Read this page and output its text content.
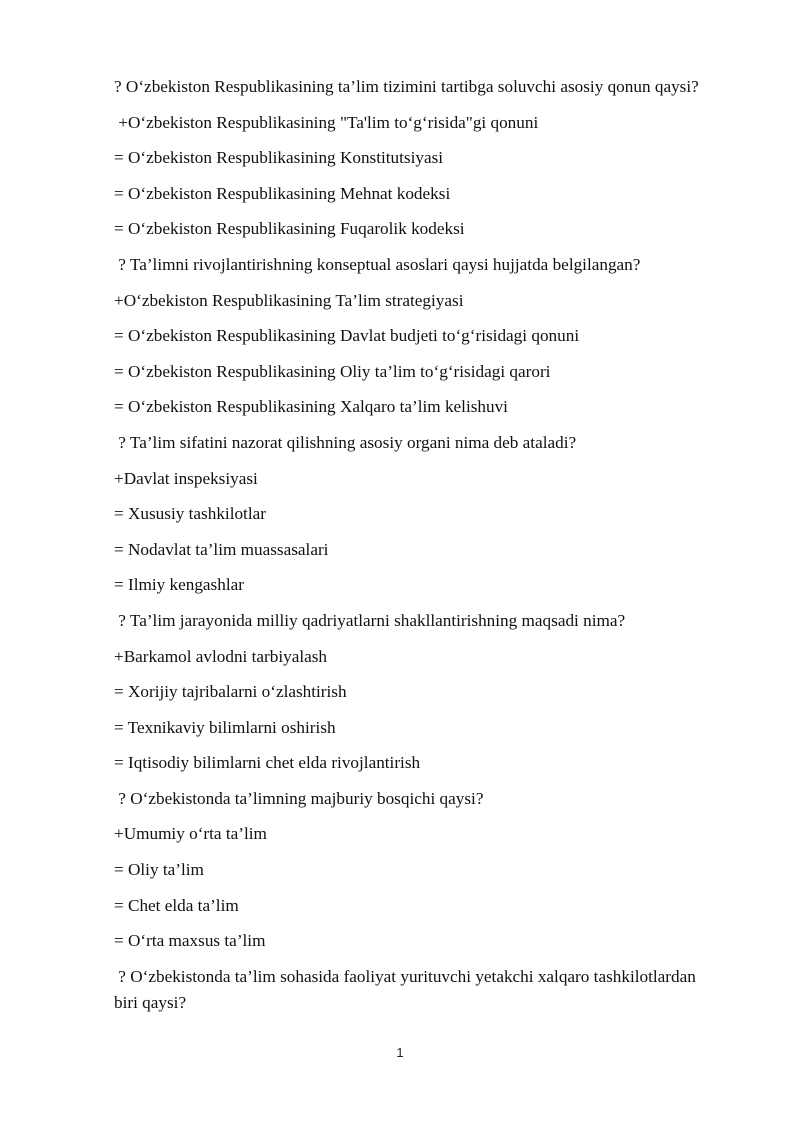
? O‘zbekiston Respublikasining ta’lim tizimini tartibga soluvchi asosiy qonun qaysi?

+O‘zbekiston Respublikasining "Ta'lim to‘g‘risida"gi qonuni

= O‘zbekiston Respublikasining Konstitutsiyasi

= O‘zbekiston Respublikasining Mehnat kodeksi

= O‘zbekiston Respublikasining Fuqarolik kodeksi

? Ta’limni rivojlantirishning konseptual asoslari qaysi hujjatda belgilangan?

+O‘zbekiston Respublikasining Ta’lim strategiyasi

= O‘zbekiston Respublikasining Davlat budjeti to‘g‘risidagi qonuni

= O‘zbekiston Respublikasining Oliy ta’lim to‘g‘risidagi qarori

= O‘zbekiston Respublikasining Xalqaro ta’lim kelishuvi

? Ta’lim sifatini nazorat qilishning asosiy organi nima deb ataladi?

+Davlat inspeksiyasi

= Xususiy tashkilotlar

= Nodavlat ta’lim muassasalari

= Ilmiy kengashlar

? Ta’lim jarayonida milliy qadriyatlarni shakllantirishning maqsadi nima?

+Barkamol avlodni tarbiyalash

= Xorijiy tajribalarni o‘zlashtirish

= Texnikaviy bilimlarni oshirish

= Iqtisodiy bilimlarni chet elda rivojlantirish

? O‘zbekistonda ta’limning majburiy bosqichi qaysi?

+Umumiy o‘rta ta’lim

= Oliy ta’lim

= Chet elda ta’lim

= O‘rta maxsus ta’lim

? O‘zbekistonda ta’lim sohasida faoliyat yurituvchi yetakchi xalqaro tashkilotlardan biri qaysi?

1
